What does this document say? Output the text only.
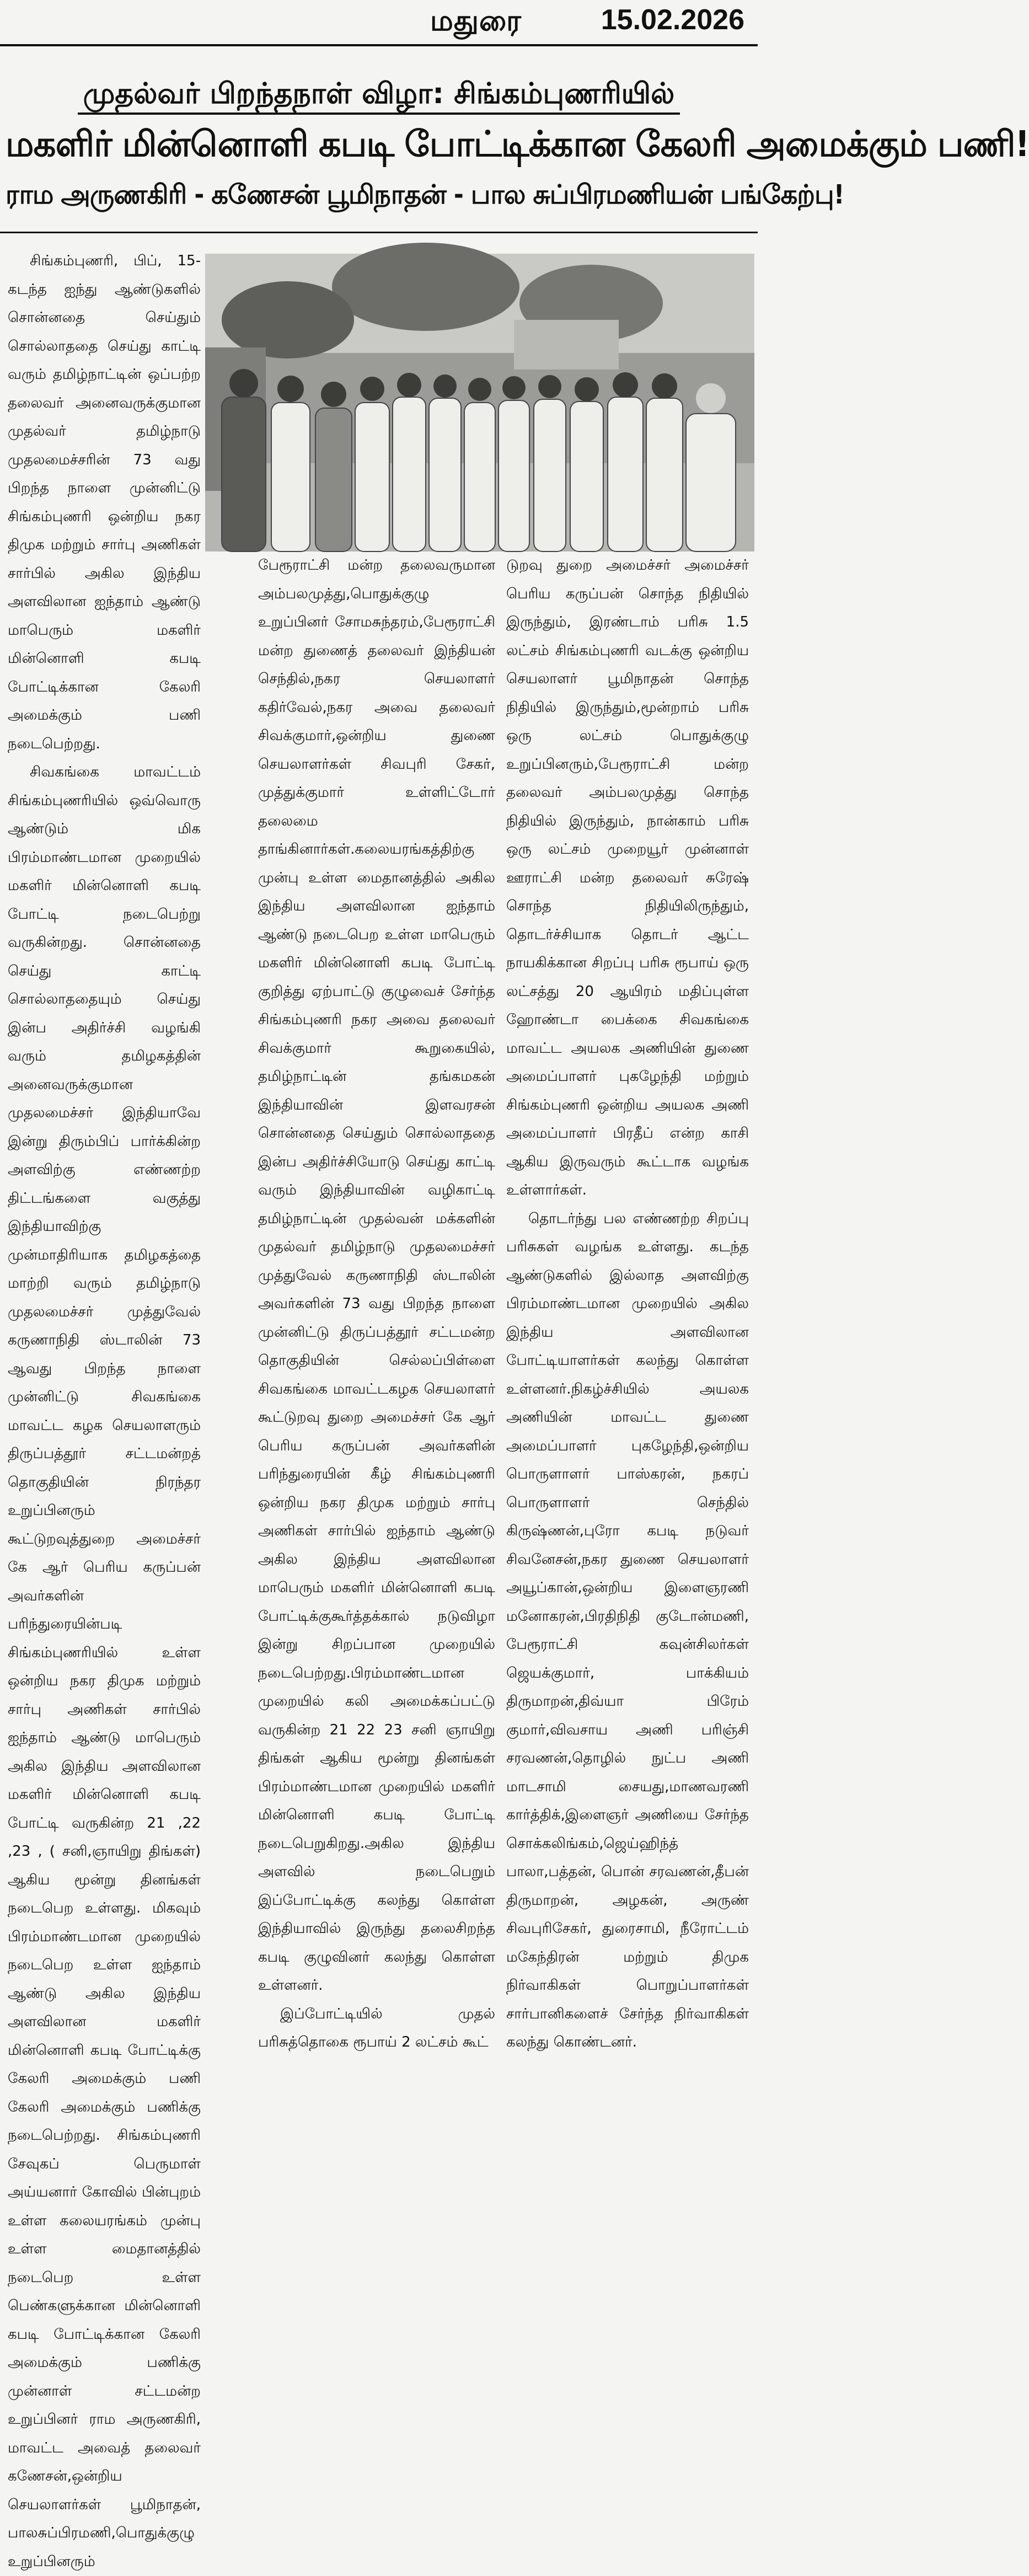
மதுரை	15.02.2026
முதல்வர் பிறந்தநாள் விழா: சிங்கம்புணரியில்
மகளிர் மின்னொளி கபடி போட்டிக்கான கேலரி அமைக்கும் பணி!
ராம அருணகிரி - கணேசன் பூமிநாதன் - பால சுப்பிரமணியன் பங்கேற்பு!

சிங்கம்புணரி, பிப், 15- கடந்த ஐந்து ஆண்டுகளில் சொன்னதை செய்தும் சொல்லாததை செய்து காட்டி வரும் தமிழ்நாட்டின் ஒப்பற்ற தலைவர் அனைவருக்குமான முதல்வர் தமிழ்நாடு முதலமைச்சரின் 73 வது பிறந்த நாளை முன்னிட்டு சிங்கம்புணரி ஒன்றிய நகர திமுக மற்றும் சார்பு அணிகள் சார்பில் அகில இந்திய அளவிலான ஐந்தாம் ஆண்டு மாபெரும் மகளிர் மின்னொளி கபடி போட்டிக்கான கேலரி அமைக்கும் பணி நடைபெற்றது.

சிவகங்கை மாவட்டம் சிங்கம்புணரியில் ஒவ்வொரு ஆண்டும் மிக பிரம்மாண்டமான முறையில் மகளிர் மின்னொளி கபடி போட்டி நடைபெற்று வருகின்றது. சொன்னதை செய்து காட்டி சொல்லாததையும் செய்து இன்ப அதிர்ச்சி வழங்கி வரும் தமிழகத்தின் அனைவருக்குமான முதலமைச்சர் இந்தியாவே இன்று திரும்பிப் பார்க்கின்ற அளவிற்கு எண்ணற்ற திட்டங்களை வகுத்து இந்தியாவிற்கு முன்மாதிரியாக தமிழகத்தை மாற்றி வரும் தமிழ்நாடு முதலமைச்சர் முத்துவேல் கருணாநிதி ஸ்டாலின் 73 ஆவது பிறந்த நாளை முன்னிட்டு சிவகங்கை மாவட்ட கழக செயலாளரும் திருப்பத்தூர் சட்டமன்றத் தொகுதியின் நிரந்தர உறுப்பினரும் கூட்டுறவுத்துறை அமைச்சர் கே ஆர் பெரிய கருப்பன் அவர்களின் பரிந்துரையின்படி சிங்கம்புணரியில் உள்ள ஒன்றிய நகர திமுக மற்றும் சார்பு அணிகள் சார்பில் ஐந்தாம் ஆண்டு மாபெரும் அகில இந்திய அளவிலான மகளிர் மின்னொளி கபடி போட்டி வருகின்ற 21 ,22 ,23 , ( சனி,ஞாயிறு திங்கள்) ஆகிய மூன்று தினங்கள் நடைபெற உள்ளது. மிகவும் பிரம்மாண்டமான முறையில் நடைபெற உள்ள ஐந்தாம் ஆண்டு அகில இந்திய அளவிலான மகளிர் மின்னொளி கபடி போட்டிக்கு கேலரி அமைக்கும் பணி கேலரி அமைக்கும் பணிக்கு நடைபெற்றது. சிங்கம்புணரி சேவுகப் பெருமாள் அய்யனார் கோவில் பின்புறம் உள்ள கலையரங்கம் முன்பு உள்ள மைதானத்தில் நடைபெற உள்ள பெண்களுக்கான மின்னொளி கபடி போட்டிக்கான கேலரி அமைக்கும் பணிக்கு முன்னாள் சட்டமன்ற உறுப்பினர் ராம அருணகிரி, மாவட்ட அவைத் தலைவர் கணேசன்,ஒன்றிய செயலாளர்கள் பூமிநாதன், பாலசுப்பிரமணி,பொதுக்குழு உறுப்பினரும்

பேரூராட்சி மன்ற தலைவருமான அம்பலமுத்து,பொதுக்குழு உறுப்பினர் சோமசுந்தரம்,பேரூராட்சி மன்ற துணைத் தலைவர் இந்தியன் செந்தில்,நகர செயலாளர் கதிர்வேல்,நகர அவை தலைவர் சிவக்குமார்,ஒன்றிய துணை செயலாளர்கள் சிவபுரி சேகர், முத்துக்குமார் உள்ளிட்டோர் தலைமை தாங்கினார்கள்.கலையரங்கத்திற்கு முன்பு உள்ள மைதானத்தில் அகில இந்திய அளவிலான ஐந்தாம் ஆண்டு நடைபெற உள்ள மாபெரும் மகளிர் மின்னொளி கபடி போட்டி குறித்து ஏற்பாட்டு குழுவைச் சேர்ந்த சிங்கம்புணரி நகர அவை தலைவர் சிவக்குமார் கூறுகையில், தமிழ்நாட்டின் தங்கமகன் இந்தியாவின் இளவரசன் சொன்னதை செய்தும் சொல்லாததை இன்ப அதிர்ச்சியோடு செய்து காட்டி வரும் இந்தியாவின் வழிகாட்டி தமிழ்நாட்டின் முதல்வன் மக்களின் முதல்வர் தமிழ்நாடு முதலமைச்சர் முத்துவேல் கருணாநிதி ஸ்டாலின் அவர்களின் 73 வது பிறந்த நாளை முன்னிட்டு திருப்பத்தூர் சட்டமன்ற தொகுதியின் செல்லப்பிள்ளை சிவகங்கை மாவட்டகழக செயலாளர் கூட்டுறவு துறை அமைச்சர் கே ஆர் பெரிய கருப்பன் அவர்களின் பரிந்துரையின் கீழ் சிங்கம்புணரி ஒன்றிய நகர திமுக மற்றும் சார்பு அணிகள் சார்பில் ஐந்தாம் ஆண்டு அகில இந்திய அளவிலான மாபெரும் மகளிர் மின்னொளி கபடி போட்டிக்குகூர்த்தக்கால் நடுவிழா இன்று சிறப்பான முறையில் நடைபெற்றது.பிரம்மாண்டமான முறையில் கலி அமைக்கப்பட்டு வருகின்ற 21 22 23 சனி ஞாயிறு திங்கள் ஆகிய மூன்று தினங்கள் பிரம்மாண்டமான முறையில் மகளிர் மின்னொளி கபடி போட்டி நடைபெறுகிறது.அகில இந்திய அளவில் நடைபெறும் இப்போட்டிக்கு கலந்து கொள்ள இந்தியாவில் இருந்து தலைசிறந்த கபடி குழுவினர் கலந்து கொள்ள உள்ளனர்.

இப்போட்டியில் முதல் பரிசுத்தொகை ரூபாய் 2 லட்சம் கூட்

டுறவு துறை அமைச்சர் அமைச்சர் பெரிய கருப்பன் சொந்த நிதியில் இருந்தும், இரண்டாம் பரிசு 1.5 லட்சம் சிங்கம்புணரி வடக்கு ஒன்றிய செயலாளர் பூமிநாதன் சொந்த நிதியில் இருந்தும்,மூன்றாம் பரிசு ஒரு லட்சம் பொதுக்குழு உறுப்பினரும்,பேரூராட்சி மன்ற தலைவர் அம்பலமுத்து சொந்த நிதியில் இருந்தும், நான்காம் பரிசு ஒரு லட்சம் முறையூர் முன்னாள் ஊராட்சி மன்ற தலைவர் சுரேஷ் சொந்த நிதியிலிருந்தும், தொடர்ச்சியாக தொடர் ஆட்ட நாயகிக்கான சிறப்பு பரிசு ரூபாய் ஒரு லட்சத்து 20 ஆயிரம் மதிப்புள்ள ஹோண்டா பைக்கை சிவகங்கை மாவட்ட அயலக அணியின் துணை அமைப்பாளர் புகழேந்தி மற்றும் சிங்கம்புணரி ஒன்றிய அயலக அணி அமைப்பாளர் பிரதீப் என்ற காசி ஆகிய இருவரும் கூட்டாக வழங்க உள்ளார்கள்.

தொடர்ந்து பல எண்ணற்ற சிறப்பு பரிசுகள் வழங்க உள்ளது. கடந்த ஆண்டுகளில் இல்லாத அளவிற்கு பிரம்மாண்டமான முறையில் அகில இந்திய அளவிலான போட்டியாளர்கள் கலந்து கொள்ள உள்ளனர்.நிகழ்ச்சியில் அயலக அணியின் மாவட்ட துணை அமைப்பாளர் புகழேந்தி,ஒன்றிய பொருளாளர் பாஸ்கரன், நகரப் பொருளாளர் செந்தில் கிருஷ்ணன்,புரோ கபடி நடுவர் சிவனேசன்,நகர துணை செயலாளர் அயூப்கான்,ஒன்றிய இளைஞரணி மனோகரன்,பிரதிநிதி குடோன்மணி, பேரூராட்சி கவுன்சிலர்கள் ஜெயக்குமார், பாக்கியம் திருமாறன்,திவ்யா பிரேம் குமார்,விவசாய அணி பரிஞ்சி சரவணன்,தொழில் நுட்ப அணி மாடசாமி சையது,மாணவரணி கார்த்திக்,இளைஞர் அணியை சேர்ந்த சொக்கலிங்கம்,ஜெய்ஹிந்த் பாலா,பத்தன், பொன் சரவணன்,தீபன் திருமாறன், அழகன், அருண் சிவபுரிசேகர், துரைசாமி, நீரோட்டம் மகேந்திரன் மற்றும் திமுக நிர்வாகிகள் பொறுப்பாளர்கள் சார்பானிகளைச் சேர்ந்த நிர்வாகிகள் கலந்து கொண்டனர்.
